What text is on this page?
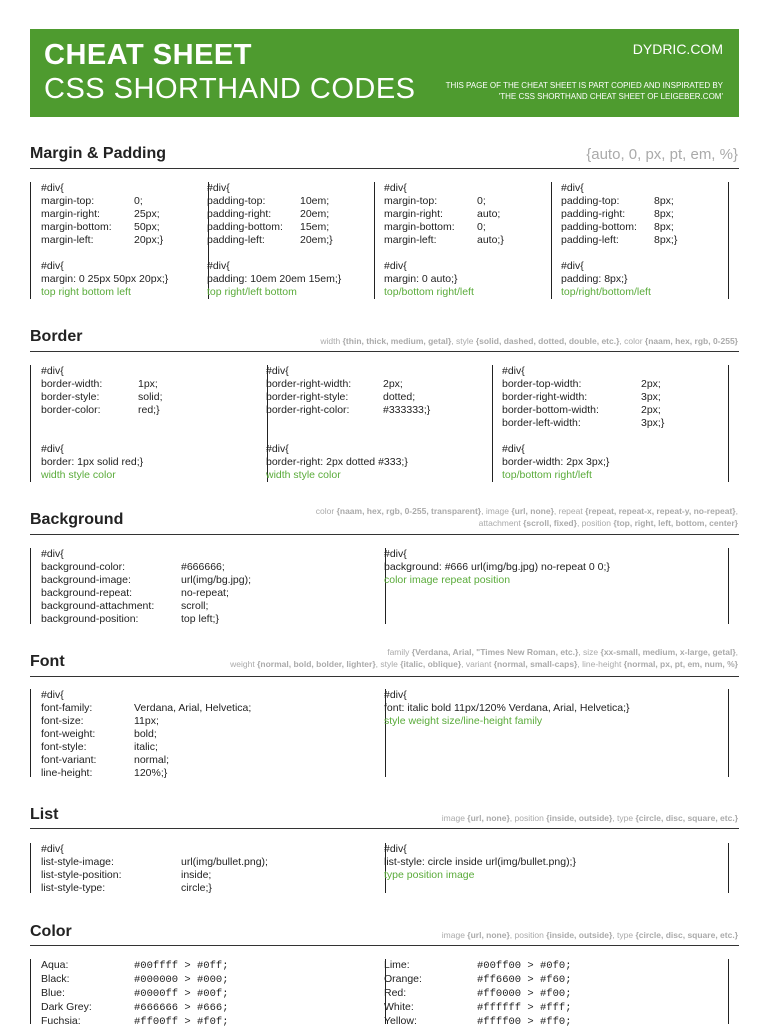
CHEAT SHEET
CSS SHORTHAND CODES
DYDRIC.COM
THIS PAGE OF THE CHEAT SHEET IS PART COPIED AND INSPIRATED BY
'THE CSS SHORTHAND CHEAT SHEET OF LEIGEBER.COM'
Margin & Padding	{auto, 0, px, pt, em, %}
#div{
margin-top:	0;
margin-right:	25px;
margin-bottom: 50px;
margin-left:	20px;}
#div{
margin: 0 25px 50px 20px;}
top right bottom left
#div{
padding-top:	10em;
padding-right:	20em;
padding-bottom: 15em;
padding-left:	20em;}
#div{
padding: 10em 20em 15em;}
top right/left bottom
#div{
margin-top:	0;
margin-right:	auto;
margin-bottom: 0;
margin-left:	auto;}
#div{
margin: 0 auto;}
top/bottom right/left
#div{
padding-top:	8px;
padding-right:	8px;
padding-bottom: 8px;
padding-left:	8px;}
#div{
padding: 8px;}
top/right/bottom/left
Border	width {thin, thick, medium, getal}, style {solid, dashed, dotted, double, etc.}, color {naam, hex, rgb, 0-255}
#div{
border-width:	1px;
border-style:	solid;
border-color:	red;}
#div{
border: 1px solid red;}
width style color
#div{
border-right-width:	2px;
border-right-style:	dotted;
border-right-color:	#333333;}
#div{
border-right: 2px dotted #333;}
width style color
#div{
border-top-width:	2px;
border-right-width:	3px;
border-bottom-width:	2px;
border-left-width:	3px;}
#div{
border-width: 2px 3px;}
top/bottom right/left
Background	color {naam, hex, rgb, 0-255, transparent}, image {url, none}, repeat {repeat, repeat-x, repeat-y, no-repeat},
attachment {scroll, fixed}, position {top, right, left, bottom, center}
#div{
background-color:	#666666;
background-image:	url(img/bg.jpg);
background-repeat:	no-repeat;
background-attachment:	scroll;
background-position:	top left;}
#div{
background: #666 url(img/bg.jpg) no-repeat 0 0;}
color image repeat position
Font
family {Verdana, Arial, "Times New Roman, etc.}, size {xx-small, medium, x-large, getal},
weight {normal, bold, bolder, lighter}, style {italic, oblique}, variant {normal, small-caps}, line-height {normal, px, pt, em, num, %}
#div{
font-family:	Verdana, Arial, Helvetica;
font-size:	11px;
font-weight:	bold;
font-style:	italic;
font-variant:	normal;
line-height:	120%;}
#div{
font: italic bold 11px/120% Verdana, Arial, Helvetica;}
style weight size/line-height family
List	image {url, none}, position {inside, outside}, type {circle, disc, square, etc.}
#div{
list-style-image:	url(img/bullet.png);
list-style-position:	inside;
list-style-type:	circle;}
#div{
list-style: circle inside url(img/bullet.png);}
type position image
Color	image {url, none}, position {inside, outside}, type {circle, disc, square, etc.}
Aqua:	#00ffff > #0ff;
Black:	#000000 > #000;
Blue:	#0000ff > #00f;
Dark Grey:	#666666 > #666;
Fuchsia:	#ff00ff > #f0f;
Lime:	#00ff00 > #0f0;
Orange:	#ff6600 > #f60;
Red:	#ff0000 > #f00;
White:	#ffffff > #fff;
Yellow:	#ffff00 > #ff0;
